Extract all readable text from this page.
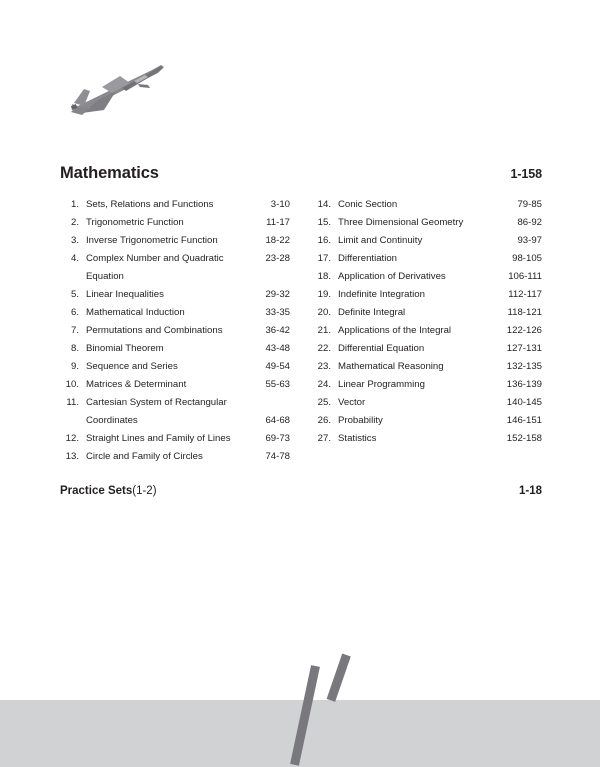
Mathematics	1-158
1. Sets, Relations and Functions	3-10
2. Trigonometric Function	11-17
3. Inverse Trigonometric Function	18-22
4. Complex Number and Quadratic Equation
23-28
5. Linear Inequalities	29-32
6. Mathematical Induction	33-35
7. Permutations and Combinations	36-42
8. Binomial Theorem	43-48
9. Sequence and Series	49-54
10. Matrices & Determinant	55-63
11. Cartesian System of Rectangular
Coordinates	64-68
12. Straight Lines and Family of Lines	69-73
13. Circle and Family of Circles	74-78
14. Conic Section	79-85
15. Three Dimensional Geometry	86-92
16. Limit and Continuity	93-97
17. Differentiation	98-105
18. Application of Derivatives	106-111
19. Indefinite Integration	112-117
20. Definite Integral	118-121
21. Applications of the Integral	122-126
22. Differential Equation	127-131
23. Mathematical Reasoning	132-135
24. Linear Programming	136-139
25. Vector	140-145
26. Probability	146-151
27. Statistics	152-158
Practice Sets(1-2)	1-18
